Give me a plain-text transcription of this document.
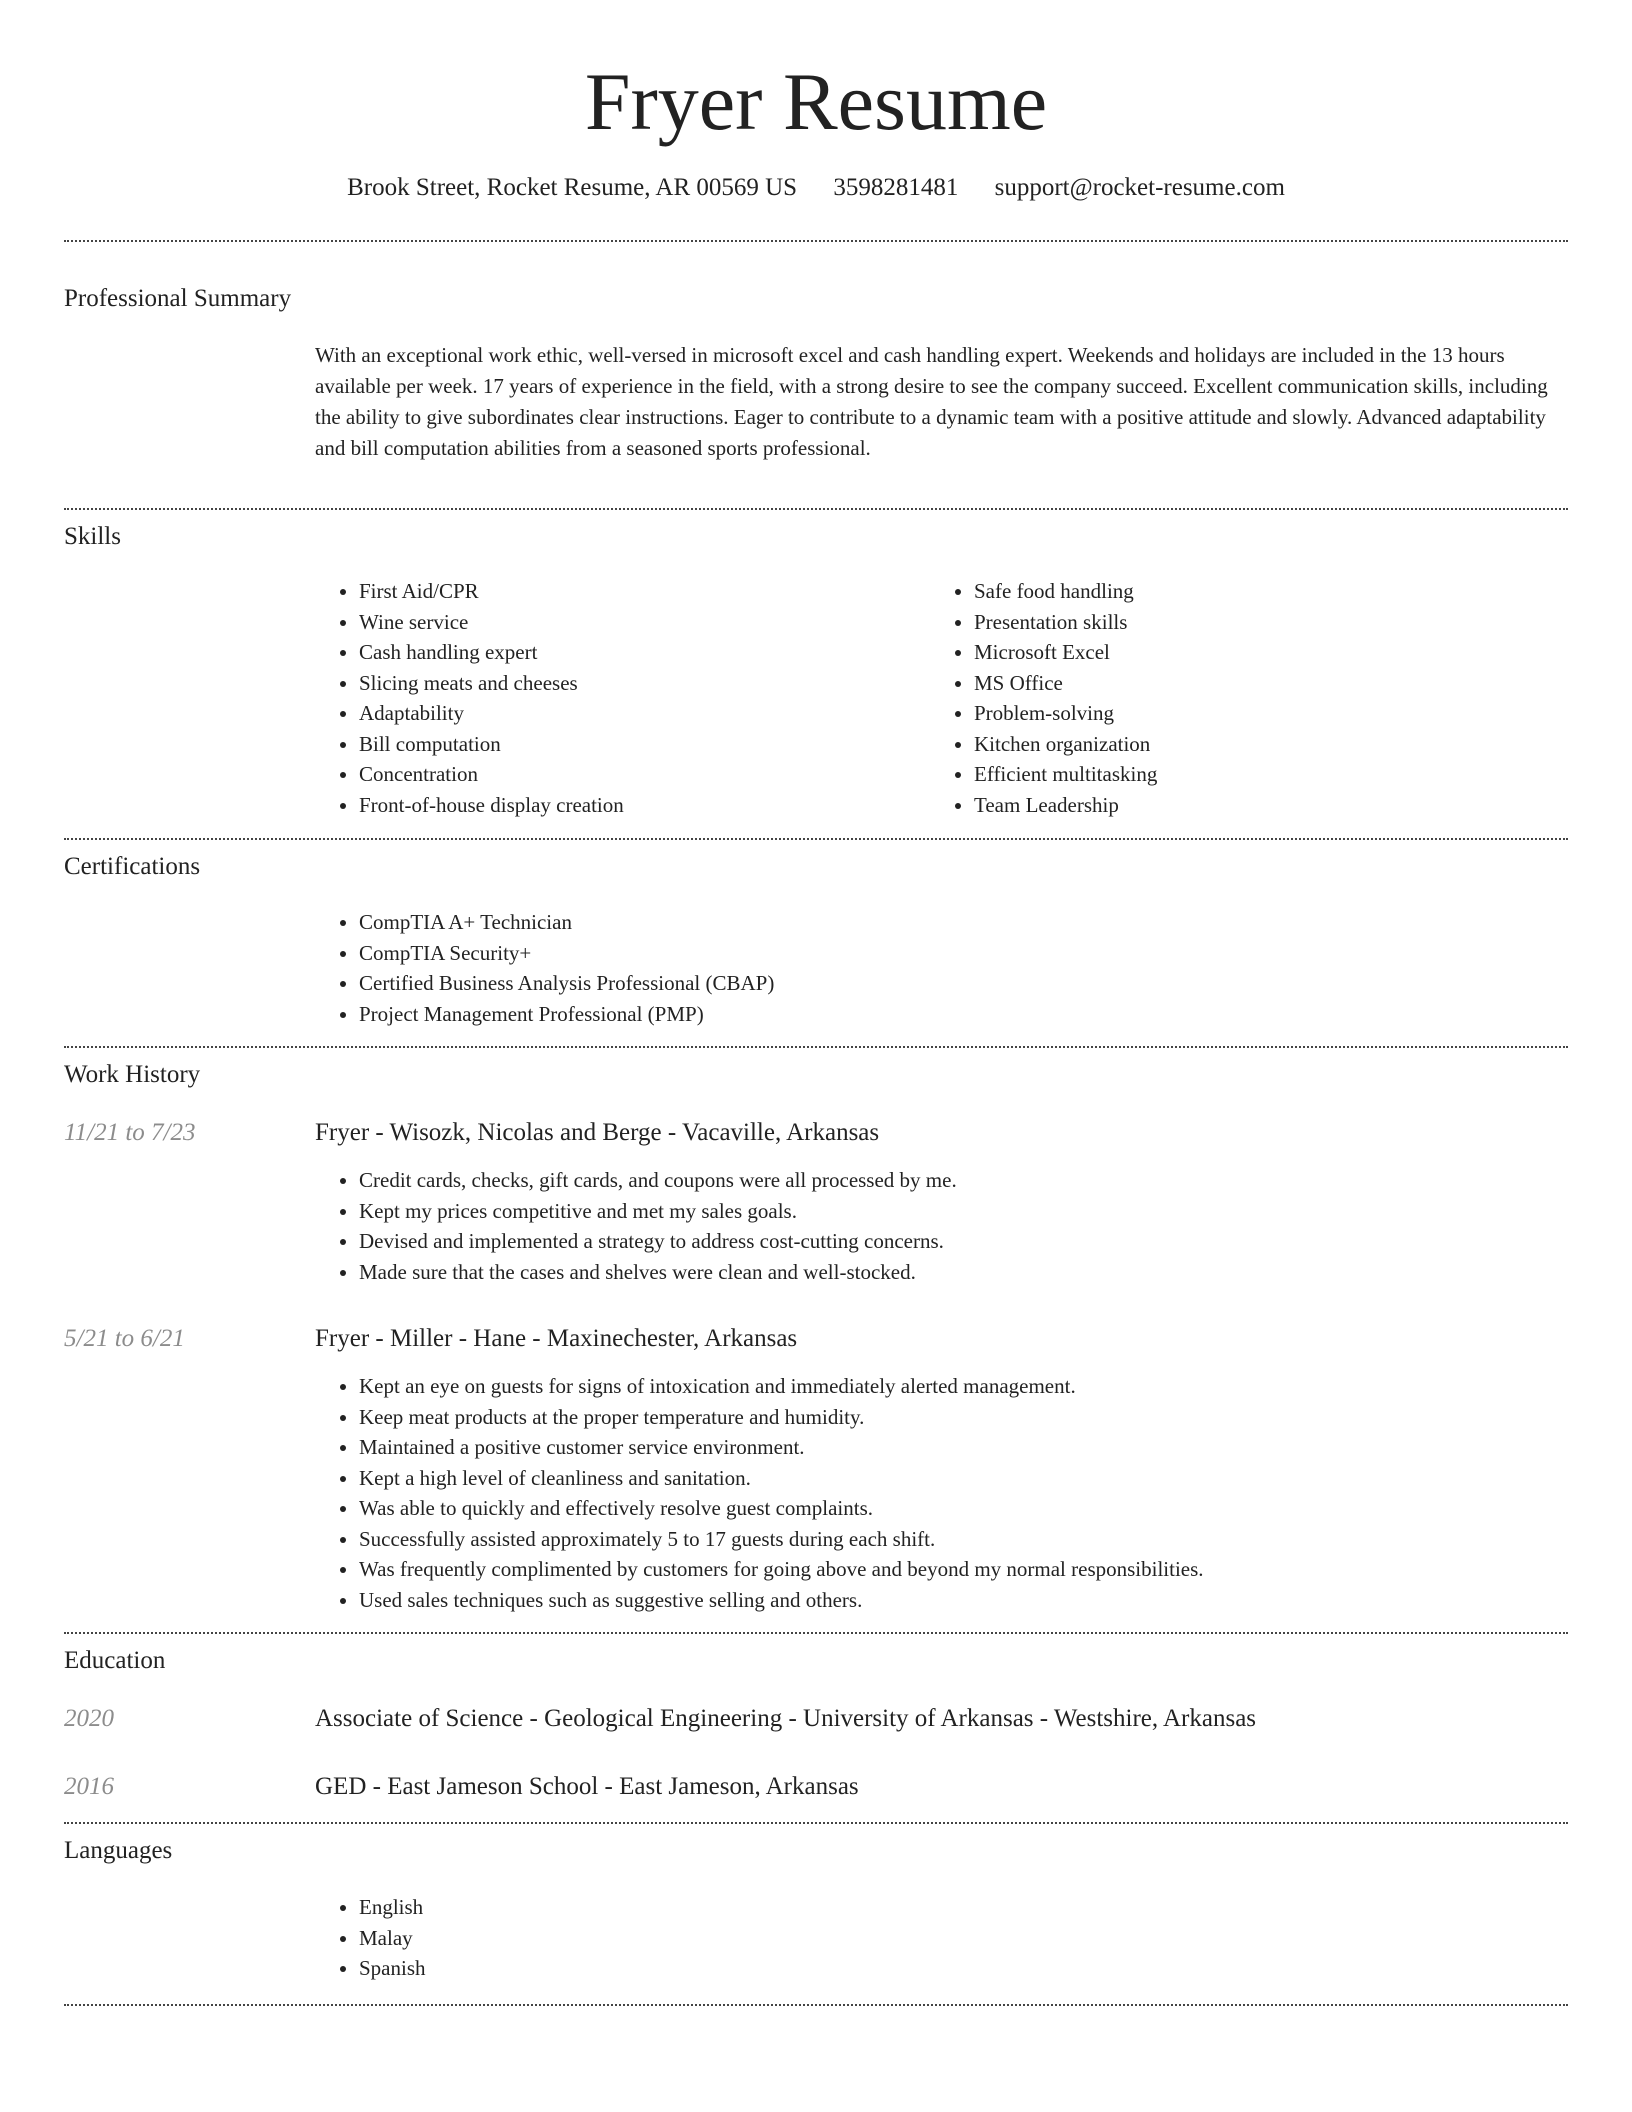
Fryer Resume
Brook Street, Rocket Resume, AR 00569 US 3598281481 support@rocket-resume.com
Professional Summary

With an exceptional work ethic, well-versed in microsoft excel and cash handling expert. Weekends and holidays are included in the 13 hours available per week. 17 years of experience in the field, with a strong desire to see the company succeed. Excellent communication skills, including the ability to give subordinates clear instructions. Eager to contribute to a dynamic team with a positive attitude and slowly. Advanced adaptability and bill computation abilities from a seasoned sports professional.

Skills
• First Aid/CPR
• Wine service
• Cash handling expert
• Slicing meats and cheeses
• Adaptability
• Bill computation
• Concentration
• Front-of-house display creation
• Safe food handling
• Presentation skills
• Microsoft Excel
• MS Office
• Problem-solving
• Kitchen organization
• Efficient multitasking
• Team Leadership
Certifications
• CompTIA A+ Technician
• CompTIA Security+
• Certified Business Analysis Professional (CBAP)
• Project Management Professional (PMP)
Work History
11/21 to 7/23	Fryer - Wisozk, Nicolas and Berge - Vacaville, Arkansas
• Credit cards, checks, gift cards, and coupons were all processed by me.
• Kept my prices competitive and met my sales goals.
• Devised and implemented a strategy to address cost-cutting concerns.
• Made sure that the cases and shelves were clean and well-stocked.
5/21 to 6/21	Fryer - Miller - Hane - Maxinechester, Arkansas
• Kept an eye on guests for signs of intoxication and immediately alerted management.
• Keep meat products at the proper temperature and humidity.
• Maintained a positive customer service environment.
• Kept a high level of cleanliness and sanitation.
• Was able to quickly and effectively resolve guest complaints.
• Successfully assisted approximately 5 to 17 guests during each shift.
• Was frequently complimented by customers for going above and beyond my normal responsibilities.
• Used sales techniques such as suggestive selling and others.
Education
2020	Associate of Science - Geological Engineering - University of Arkansas - Westshire, Arkansas
2016	GED - East Jameson School - East Jameson, Arkansas
Languages
• English
• Malay
• Spanish
